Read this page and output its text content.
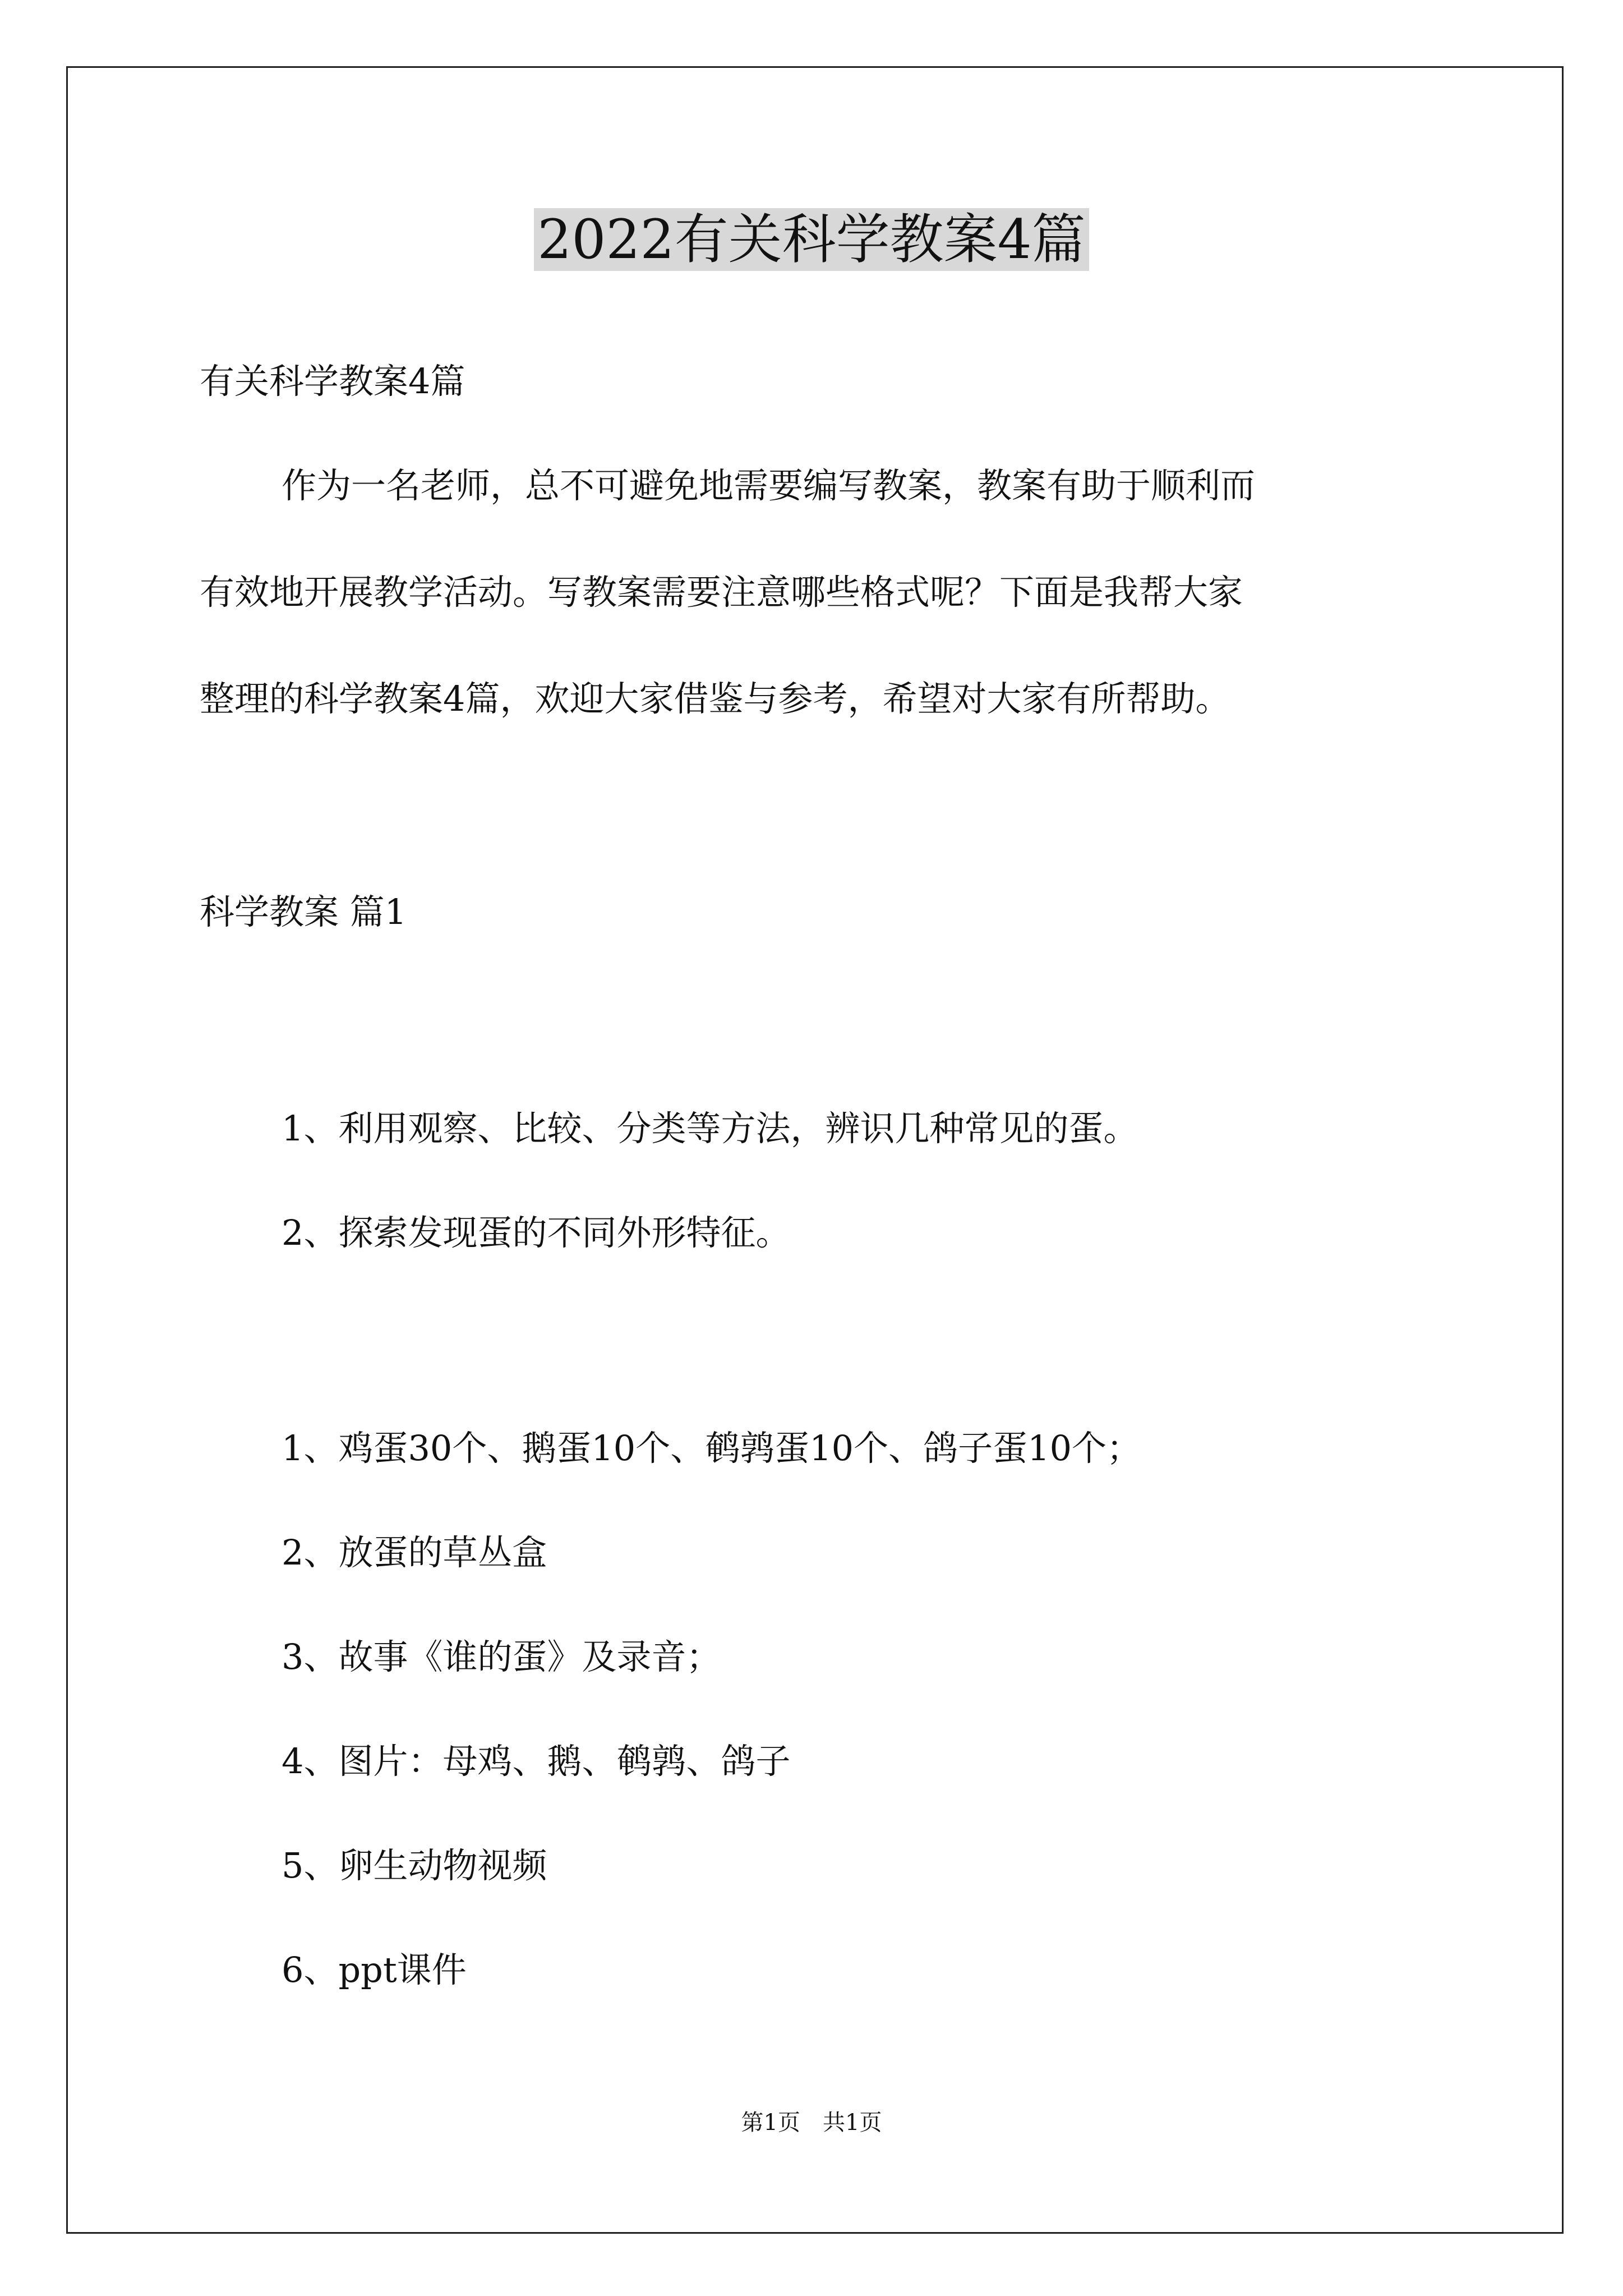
2022有关科学教案4篇
有关科学教案4篇
作为一名老师，总不可避免地需要编写教案，教案有助于顺利而
有效地开展教学活动。写教案需要注意哪些格式呢？下面是我帮大家
整理的科学教案4篇，欢迎大家借鉴与参考，希望对大家有所帮助。
科学教案 篇1
1、利用观察、比较、分类等方法，辨识几种常见的蛋。
2、探索发现蛋的不同外形特征。
1、鸡蛋30个、鹅蛋10个、鹌鹑蛋10个、鸽子蛋10个；
2、放蛋的草丛盒
3、故事《谁的蛋》及录音；
4、图片：母鸡、鹅、鹌鹑、鸽子
5、卵生动物视频
6、ppt课件
第1页　共1页
